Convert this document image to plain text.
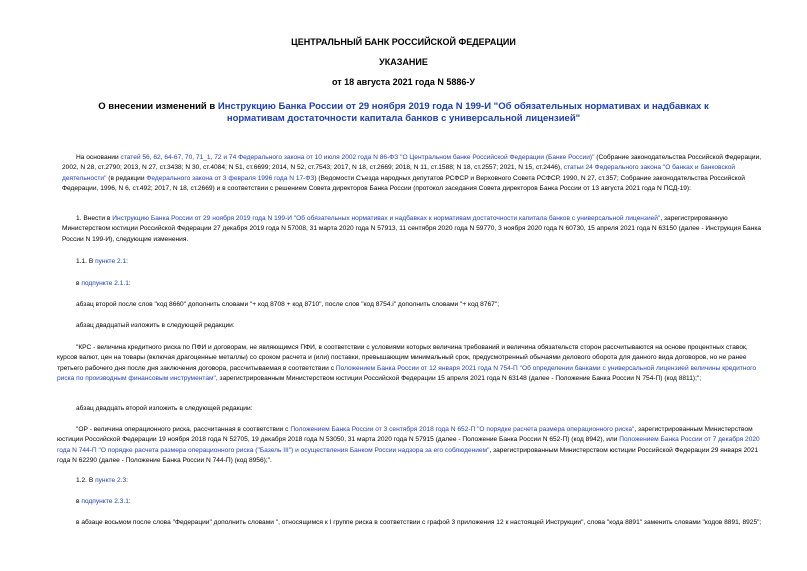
ЦЕНТРАЛЬНЫЙ БАНК РОССИЙСКОЙ ФЕДЕРАЦИИ
УКАЗАНИЕ
от 18 августа 2021 года N 5886-У
О внесении изменений в Инструкцию Банка России от 29 ноября 2019 года N 199-И "Об обязательных нормативах и надбавках к нормативам достаточности капитала банков с универсальной лицензией"
На основании статей 56, 62, 64-67, 70, 71_1, 72 и 74 Федерального закона от 10 июля 2002 года N 86-ФЗ "О Центральном банке Российской Федерации (Банке России)" (Собрание законодательства Российской Федерации, 2002, N 28, ст.2790; 2013, N 27, ст.3438; N 30, ст.4084; N 51, ст.6699; 2014, N 52, ст.7543; 2017, N 18, ст.2669; 2018, N 11, ст.1588; N 18, ст.2557; 2021, N 15, ст.2446), статьи 24 Федерального закона "О банках и банковской деятельности" (в редакции Федерального закона от 3 февраля 1996 года N 17-ФЗ) (Ведомости Съезда народных депутатов РСФСР и Верховного Совета РСФСР, 1990, N 27, ст.357; Собрание законодательства Российской Федерации, 1996, N 6, ст.492; 2017, N 18, ст.2669) и в соответствии с решением Совета директоров Банка России (протокол заседания Совета директоров Банка России от 13 августа 2021 года N ПСД-19):
1. Внести в Инструкцию Банка России от 29 ноября 2019 года N 199-И "Об обязательных нормативах и надбавках к нормативам достаточности капитала банков с универсальной лицензией", зарегистрированную Министерством юстиции Российской Федерации 27 декабря 2019 года N 57008, 31 марта 2020 года N 57913, 11 сентября 2020 года N 59770, 3 ноября 2020 года N 60730, 15 апреля 2021 года N 63150 (далее - Инструкция Банка России N 199-И), следующие изменения.
1.1. В пункте 2.1:
в подпункте 2.1.1:
абзац второй после слов "код 8660" дополнить словами "+ код 8708 + код 8710", после слов "код 8754.i" дополнить словами "+ код 8767";
абзац двадцатый изложить в следующей редакции:
"КРС - величина кредитного риска по ПФИ и договорам, не являющимся ПФИ, в соответствии с условиями которых величина требований и величина обязательств сторон рассчитываются на основе процентных ставок, курсов валют, цен на товары (включая драгоценные металлы) со сроком расчета и (или) поставки, превышающим минимальный срок, предусмотренный обычаями делового оборота для данного вида договоров, но не ранее третьего рабочего дня после дня заключения договора, рассчитываемая в соответствии с Положением Банка России от 12 января 2021 года N 754-П "Об определении банками с универсальной лицензией величины кредитного риска по производным финансовым инструментам", зарегистрированным Министерством юстиции Российской Федерации 15 апреля 2021 года N 63148 (далее - Положение Банка России N 754-П) (код 8811);";
абзац двадцать второй изложить в следующей редакции:
"ОР - величина операционного риска, рассчитанная в соответствии с Положением Банка России от 3 сентября 2018 года N 652-П "О порядке расчета размера операционного риска", зарегистрированным Министерством юстиции Российской Федерации 19 ноября 2018 года N 52705, 19 декабря 2018 года N 53050, 31 марта 2020 года N 57915 (далее - Положение Банка России N 652-П) (код 8942), или Положением Банка России от 7 декабря 2020 года N 744-П "О порядке расчета размера операционного риска ("Базель III") и осуществления Банком России надзора за его соблюдением", зарегистрированным Министерством юстиции Российской Федерации 29 января 2021 года N 62290 (далее - Положение Банка России N 744-П) (код 8956);".
1.2. В пункте 2.3:
в подпункте 2.3.1:
в абзаце восьмом после слова "Федерации" дополнить словами ", относящимся к I группе риска в соответствии с графой 3 приложения 12 к настоящей Инструкции", слова "кода 8891" заменить словами "кодов 8891, 8925";
